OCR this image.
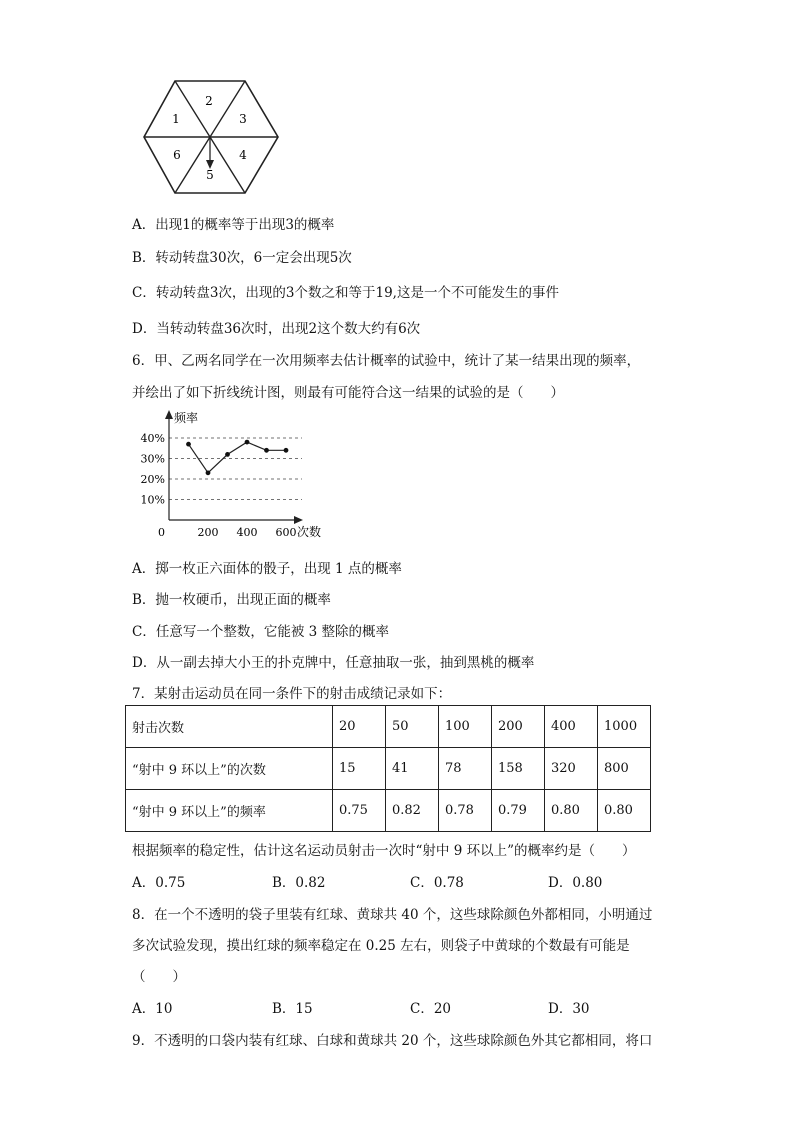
1
2
3
4
5
6
A．出现1的概率等于出现3的概率
B．转动转盘30次，6一定会出现5次
C．转动转盘3次，出现的3个数之和等于19,这是一个不可能发生的事件
D．当转动转盘36次时，出现2这个数大约有6次
6．甲、乙两名同学在一次用频率去估计概率的试验中，统计了某一结果出现的频率，
并绘出了如下折线统计图，则最有可能符合这一结果的试验的是（　　）
频率
次数
10%
20%
30%
40%
0	200 400 600
A．掷一枚正六面体的骰子，出现 1 点的概率
B．抛一枚硬币，出现正面的概率
C．任意写一个整数，它能被 3 整除的概率
D．从一副去掉大小王的扑克牌中，任意抽取一张，抽到黑桃的概率
7．某射击运动员在同一条件下的射击成绩记录如下：
射击次数	20	50	100	200	400	1000
“射中 9 环以上”的次数	15	41	78	158	320	800
“射中 9 环以上”的频率	0.75	0.82	0.78	0.79	0.80	0.80
根据频率的稳定性，估计这名运动员射击一次时“射中 9 环以上”的概率约是（　　）
A．0.75	B．0.82	C．0.78	D．0.80
8．在一个不透明的袋子里装有红球、黄球共 40 个，这些球除颜色外都相同，小明通过
多次试验发现，摸出红球的频率稳定在 0.25 左右，则袋子中黄球的个数最有可能是
（　　）
A．10	B．15	C．20	D．30
9．不透明的口袋内装有红球、白球和黄球共 20 个，这些球除颜色外其它都相同，将口
